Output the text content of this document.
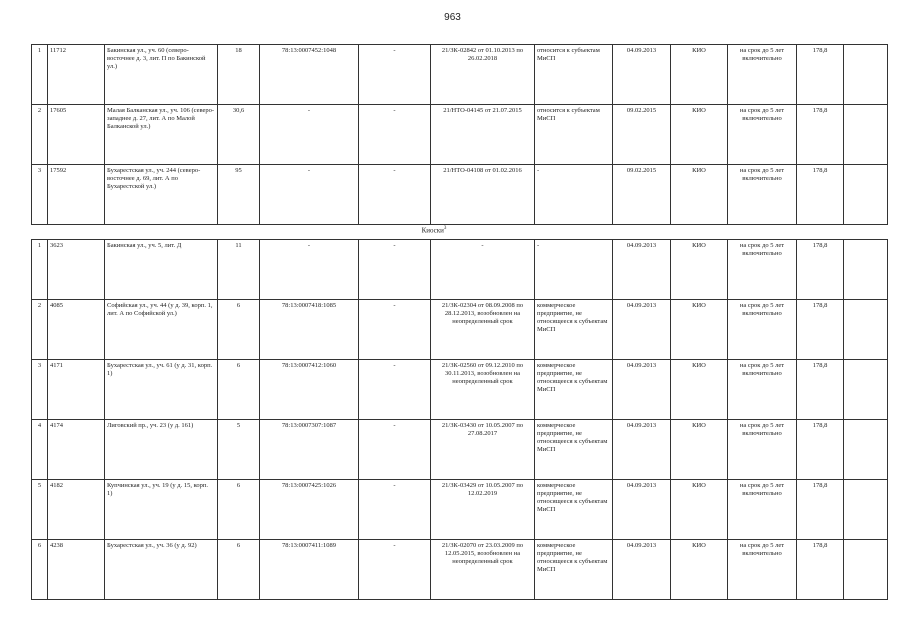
963
1	11712	Бакинская ул., уч. 60 (северо-восточнее д. 3, лит. П по Бакинской ул.)	18	78:13:0007452:1048	-	21/ЗК-02842 от 01.10.2013 по 26.02.2018	относится к субъектам МиСП	04.09.2013	КИО	на срок до 5 лет включительно	178,8	
2	17605	Малая Балканская ул., уч. 106 (северо-западнее д. 27, лит. А по Малой Балканской ул.)	30,6	-	-	21/НТО-04145 от 21.07.2015	относится к субъектам МиСП	09.02.2015	КИО	на срок до 5 лет включительно	178,8	
3	17592	Бухарестская ул., уч. 244 (северо-восточнее д. 69, лит. А по Бухарестской ул.)	95	-	-	21/НТО-04108 от 01.02.2016	-	09.02.2015	КИО	на срок до 5 лет включительно	178,8	
Киоски$^3$
1	3623	Бакинская ул., уч. 5, лит. Д	11	-	-	-	-	04.09.2013	КИО	на срок до 5 лет включительно	178,8	
2	4085	Софийская ул., уч. 44 (у д. 39, корп. 1, лит. А по Софийской ул.)	6	78:13:0007418:1085	-	21/ЗК-02304 от 08.09.2008 по 28.12.2013, возобновлен на неопределенный срок	коммерческое предприятие, не относящееся к субъектам МиСП	04.09.2013	КИО	на срок до 5 лет включительно	178,8	
3	4171	Бухарестская ул., уч. 61 (у д. 31, корп. 1)	6	78:13:0007412:1060	-	21/ЗК-02560 от 09.12.2010 по 30.11.2013, возобновлен на неопределенный срок	коммерческое предприятие, не относящееся к субъектам МиСП	04.09.2013	КИО	на срок до 5 лет включительно	178,8	
4	4174	Лиговский пр., уч. 23 (у д. 161)	5	78:13:0007307:1087	-	21/ЗК-03430 от 10.05.2007 по 27.08.2017	коммерческое предприятие, не относящееся к субъектам МиСП	04.09.2013	КИО	на срок до 5 лет включительно	178,8	
5	4182	Купчинская ул., уч. 19 (у д. 15, корп. 1)	6	78:13:0007425:1026	-	21/ЗК-03429 от 10.05.2007 по 12.02.2019	коммерческое предприятие, не относящееся к субъектам МиСП	04.09.2013	КИО	на срок до 5 лет включительно	178,8	
6	4238	Бухарестская ул., уч. 36 (у д. 92)	6	78:13:0007411:1089	-	21/ЗК-02070 от 23.03.2009 по 12.05.2015, возобновлен на неопределенный срок	коммерческое предприятие, не относящееся к субъектам МиСП	04.09.2013	КИО	на срок до 5 лет включительно	178,8	
